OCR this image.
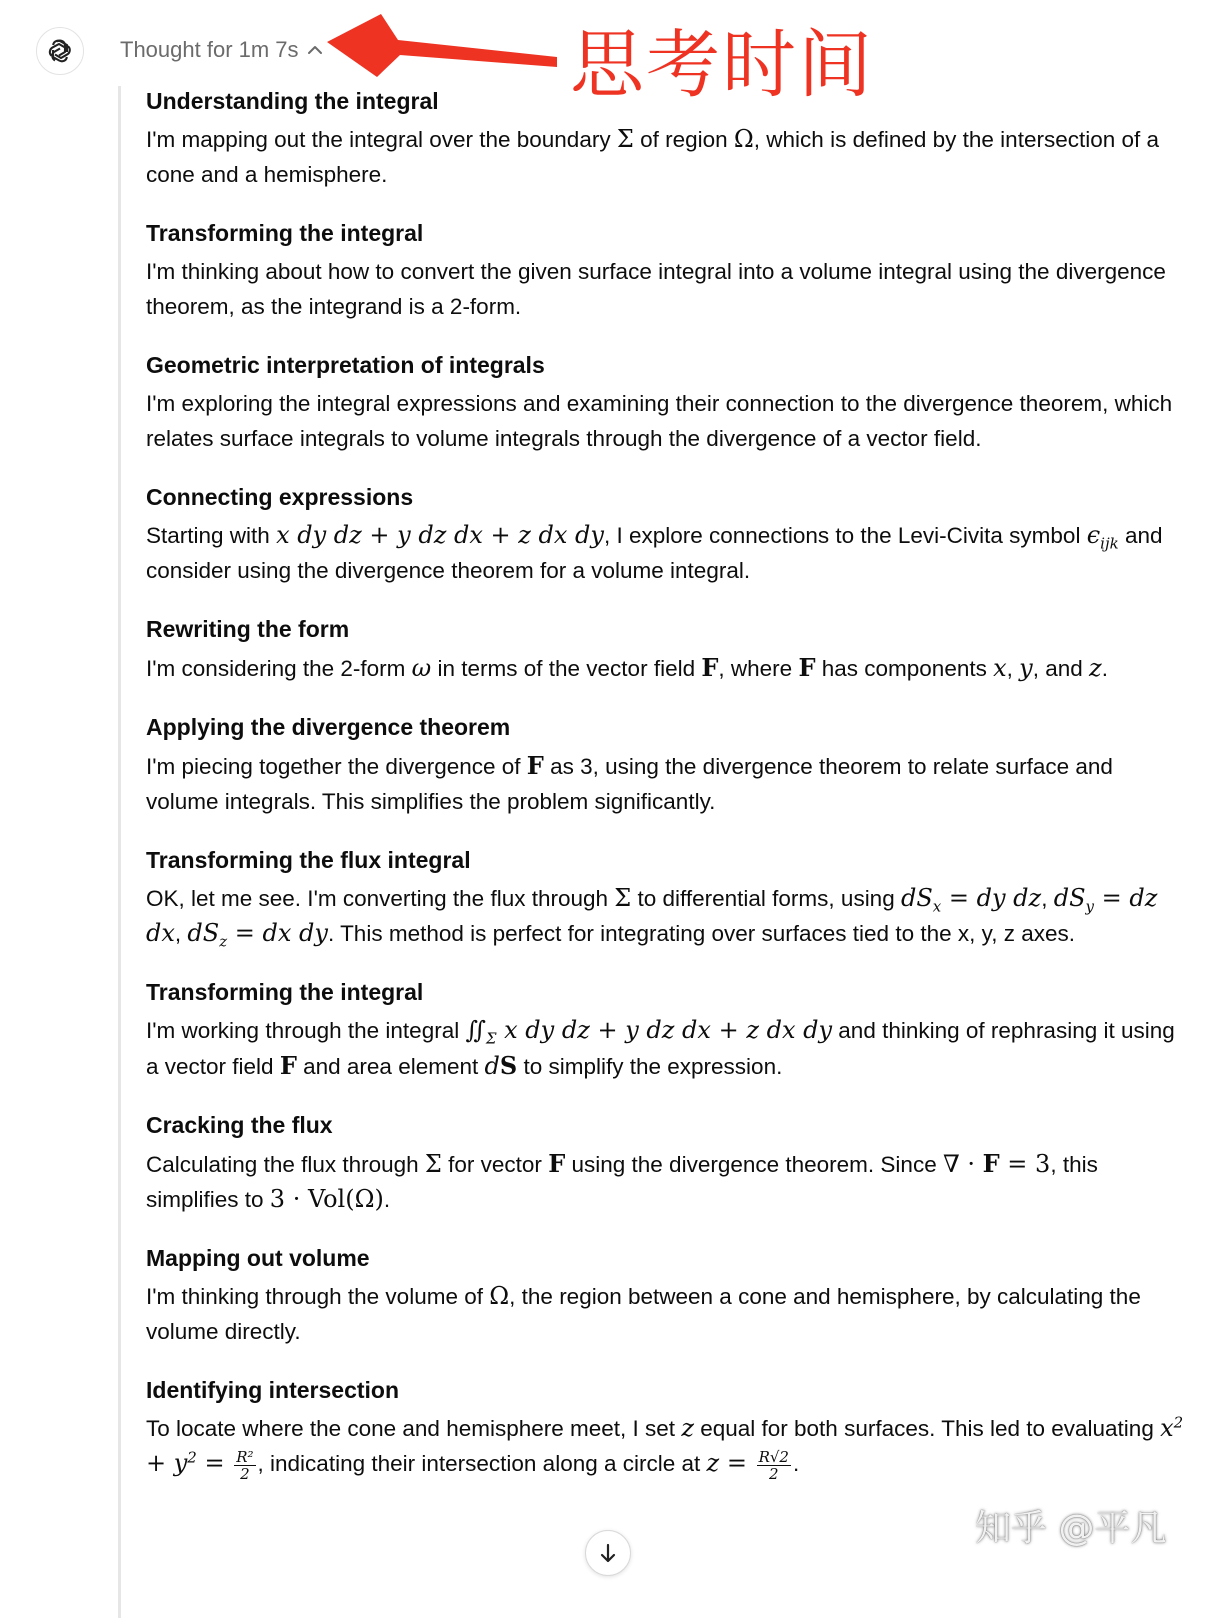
Thought for 1m 7s	思考时间
Understanding the integral

I'm mapping out the integral over the boundary Σ of region Ω, which is defined by the intersection of a cone and a hemisphere.

Transforming the integral

I'm thinking about how to convert the given surface integral into a volume integral using the divergence theorem, as the integrand is a 2-form.

Geometric interpretation of integrals

I'm exploring the integral expressions and examining their connection to the divergence theorem, which relates surface integrals to volume integrals through the divergence of a vector field.

Connecting expressions

Starting with x dy dz + y dz dx + z dx dy, I explore connections to the Levi-Civita symbol $\epsilon_{ijk}$ and consider using the divergence theorem for a volume integral.

Rewriting the form

I'm considering the 2-form ω in terms of the vector field F, where F has components x, y, and z.

Applying the divergence theorem

I'm piecing together the divergence of F as 3, using the divergence theorem to relate surface and volume integrals. This simplifies the problem significantly.

Transforming the flux integral

OK, let me see. I'm converting the flux through Σ to differential forms, using $dS_x$ = dy dz, $dS_y$ = dz dx, $dS_z$ = dx dy. This method is perfect for integrating over surfaces tied to the x, y, z axes.

Transforming the integral

I'm working through the integral $∬_\Sigma$ x dy dz + y dz dx + z dx dy and thinking of rephrasing it using a vector field F and area element dS to simplify the expression.

Cracking the flux

Calculating the flux through Σ for vector F using the divergence theorem. Since ∇ · F = 3, this simplifies to 3 · Vol(Ω).

Mapping out volume

I'm thinking through the volume of Ω, the region between a cone and hemisphere, by calculating the volume directly.

Identifying intersection

To locate where the cone and hemisphere meet, I set z equal for both surfaces. This led to evaluating $x^2 + y^2 = \frac{\text{R²}}{2}$ , indicating their intersection along a circle at $z = \frac{R√2}{2}$ .

知乎 @平凡
